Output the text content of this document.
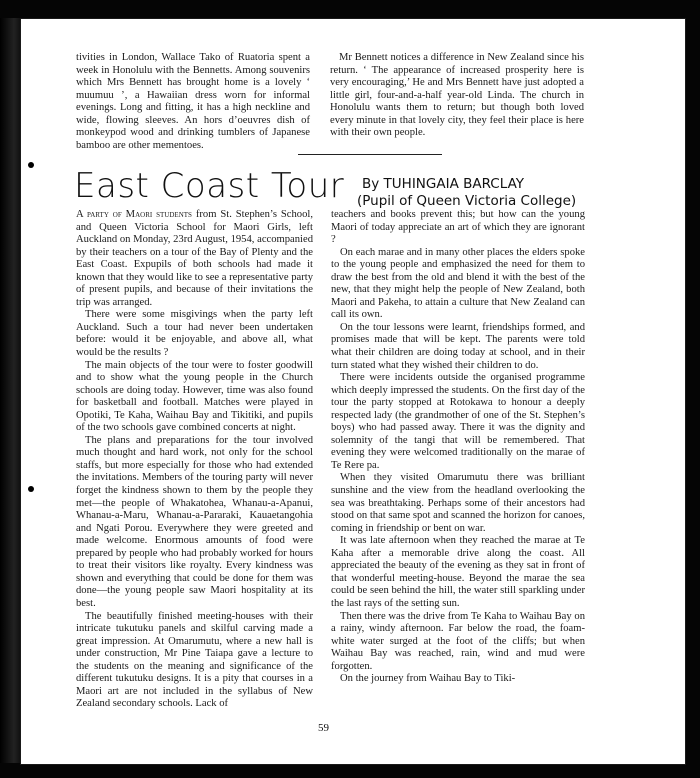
tivities in London, Wallace Tako of Ruatoria spent a week in Honolulu with the Bennetts. Among souvenirs which Mrs Bennett has brought home is a lovely ‘ muumuu ’, a Hawaiian dress worn for informal evenings. Long and fitting, it has a high neckline and wide, flowing sleeves. An hors d’oeuvres dish of monkeypod wood and drinking tumblers of Japanese bamboo are other mementoes.

Mr Bennett notices a difference in New Zealand since his return. ‘ The appearance of increased prosperity here is very encouraging,’ He and Mrs Bennett have just adopted a little girl, four-and-a-half year-old Linda. The church in Honolulu wants them to return; but though both loved every minute in that lovely city, they feel their place is here with their own people.

East Coast Tour By TUHINGAIA BARCLAY
(Pupil of Queen Victoria College)

A party of Maori students from St. Stephen’s School, and Queen Victoria School for Maori Girls, left Auckland on Monday, 23rd August, 1954, accompanied by their teachers on a tour of the Bay of Plenty and the East Coast. Expupils of both schools had made it known that they would like to see a representative party of present pupils, and because of their invitations the trip was arranged.

There were some misgivings when the party left Auckland. Such a tour had never been undertaken before: would it be enjoyable, and above all, what would be the results ?

The main objects of the tour were to foster goodwill and to show what the young people in the Church schools are doing today. However, time was also found for basketball and football. Matches were played in Opotiki, Te Kaha, Waihau Bay and Tikitiki, and pupils of the two schools gave combined concerts at night.

The plans and preparations for the tour involved much thought and hard work, not only for the school staffs, but more especially for those who had extended the invitations. Members of the touring party will never forget the kindness shown to them by the people they met—the people of Whakatohea, Whanau-a-Apanui, Whanau-a-Maru, Whanau-a-Pararaki, Kauaetangohia and Ngati Porou. Everywhere they were greeted and made welcome. Enormous amounts of food were prepared by people who had probably worked for hours to treat their visitors like royalty. Every kindness was shown and everything that could be done for them was done—the young people saw Maori hospitality at its best.

The beautifully finished meeting-houses with their intricate tukutuku panels and skilful carving made a great impression. At Omarumutu, where a new hall is under construction, Mr Pine Taiapa gave a lecture to the students on the meaning and significance of the different tukutuku designs. It is a pity that courses in a Maori art are not included in the syllabus of New Zealand secondary schools. Lack of

teachers and books prevent this; but how can the young Maori of today appreciate an art of which they are ignorant ?

On each marae and in many other places the elders spoke to the young people and emphasized the need for them to draw the best from the old and blend it with the best of the new, that they might help the people of New Zealand, both Maori and Pakeha, to attain a culture that New Zealand can call its own.

On the tour lessons were learnt, friendships formed, and promises made that will be kept. The parents were told what their children are doing today at school, and in their turn stated what they wished their children to do.

There were incidents outside the organised programme which deeply impressed the students. On the first day of the tour the party stopped at Rotokawa to honour a deeply respected lady (the grandmother of one of the St. Stephen’s boys) who had passed away. There it was the dignity and solemnity of the tangi that will be remembered. That evening they were welcomed traditionally on the marae of Te Rere pa.

When they visited Omarumutu there was brilliant sunshine and the view from the headland overlooking the sea was breathtaking. Perhaps some of their ancestors had stood on that same spot and scanned the horizon for canoes, coming in friendship or bent on war.

It was late afternoon when they reached the marae at Te Kaha after a memorable drive along the coast. All appreciated the beauty of the evening as they sat in front of that wonderful meeting-house. Beyond the marae the sea could be seen behind the hill, the water still sparkling under the last rays of the setting sun.

Then there was the drive from Te Kaha to Waihau Bay on a rainy, windy afternoon. Far below the road, the foam-white water surged at the foot of the cliffs; but when Waihau Bay was reached, rain, wind and mud were forgotten.

On the journey from Waihau Bay to Tiki-

59
